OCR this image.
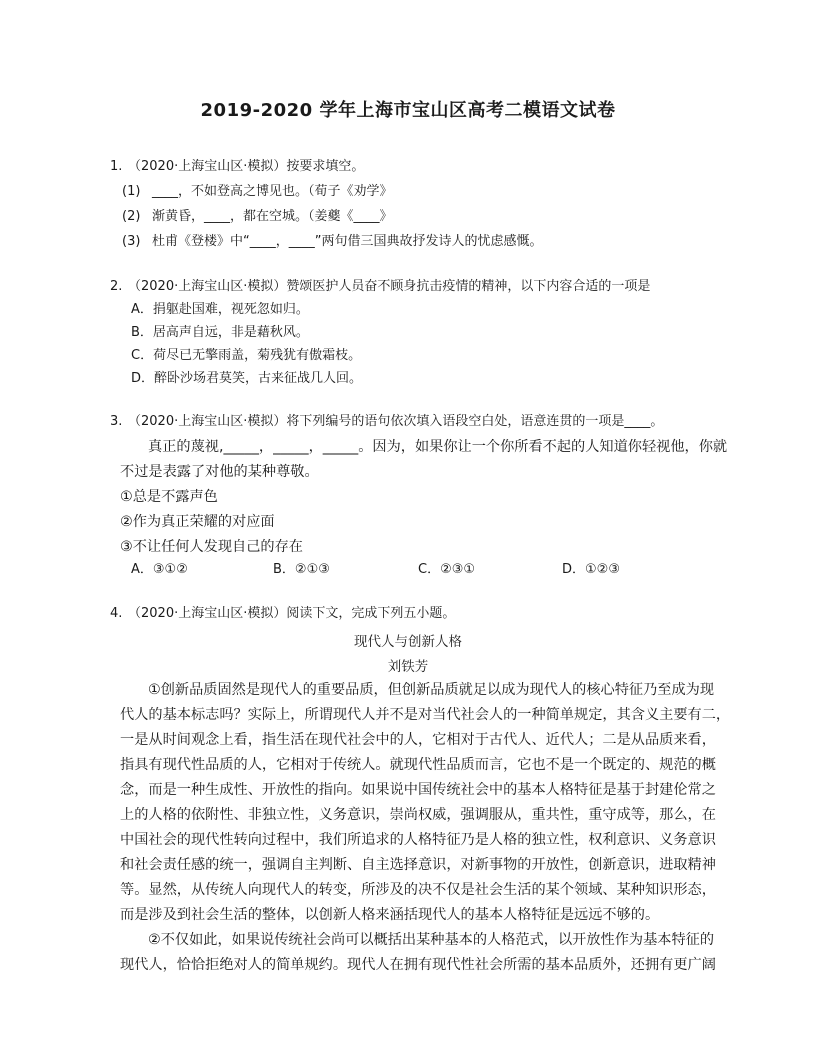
2019-2020 学年上海市宝山区高考二模语文试卷
1. （2020·上海宝山区·模拟）按要求填空。
(1) ____，不如登高之博见也。（荀子《劝学》
(2) 渐黄昏，____，都在空城。（姜夔《____》
(3) 杜甫《登楼》中“____，____”两句借三国典故抒发诗人的忧虑感慨。
2. （2020·上海宝山区·模拟）赞颂医护人员奋不顾身抗击疫情的精神，以下内容合适的一项是
A．捐躯赴国难，视死忽如归。
B．居高声自远，非是藉秋风。
C．荷尽已无擎雨盖，菊残犹有傲霜枝。
D．醉卧沙场君莫笑，古来征战几人回。
3. （2020·上海宝山区·模拟）将下列编号的语句依次填入语段空白处，语意连贯的一项是____。
真正的蔑视,_____，_____，_____。因为，如果你让一个你所看不起的人知道你轻视他，你就
不过是表露了对他的某种尊敬。
①总是不露声色
②作为真正荣耀的对应面
③不让任何人发现自己的存在
A．③①②	B．②①③	C．②③①	D．①②③
4. （2020·上海宝山区·模拟）阅读下文，完成下列五小题。
现代人与创新人格
刘铁芳
①创新品质固然是现代人的重要品质，但创新品质就足以成为现代人的核心特征乃至成为现
代人的基本标志吗？实际上，所谓现代人并不是对当代社会人的一种简单规定，其含义主要有二，
一是从时间观念上看，指生活在现代社会中的人，它相对于古代人、近代人；二是从品质来看，
指具有现代性品质的人，它相对于传统人。就现代性品质而言，它也不是一个既定的、规范的概
念，而是一种生成性、开放性的指向。如果说中国传统社会中的基本人格特征是基于封建伦常之
上的人格的依附性、非独立性，义务意识，崇尚权威，强调服从，重共性，重守成等，那么，在
中国社会的现代性转向过程中，我们所追求的人格特征乃是人格的独立性，权利意识、义务意识
和社会责任感的统一，强调自主判断、自主选择意识，对新事物的开放性，创新意识，进取精神
等。显然，从传统人向现代人的转变，所涉及的决不仅是社会生活的某个领域、某种知识形态，
而是涉及到社会生活的整体，以创新人格来涵括现代人的基本人格特征是远远不够的。
②不仅如此，如果说传统社会尚可以概括出某种基本的人格范式，以开放性作为基本特征的
现代人，恰恰拒绝对人的简单规约。现代人在拥有现代性社会所需的基本品质外，还拥有更广阔
